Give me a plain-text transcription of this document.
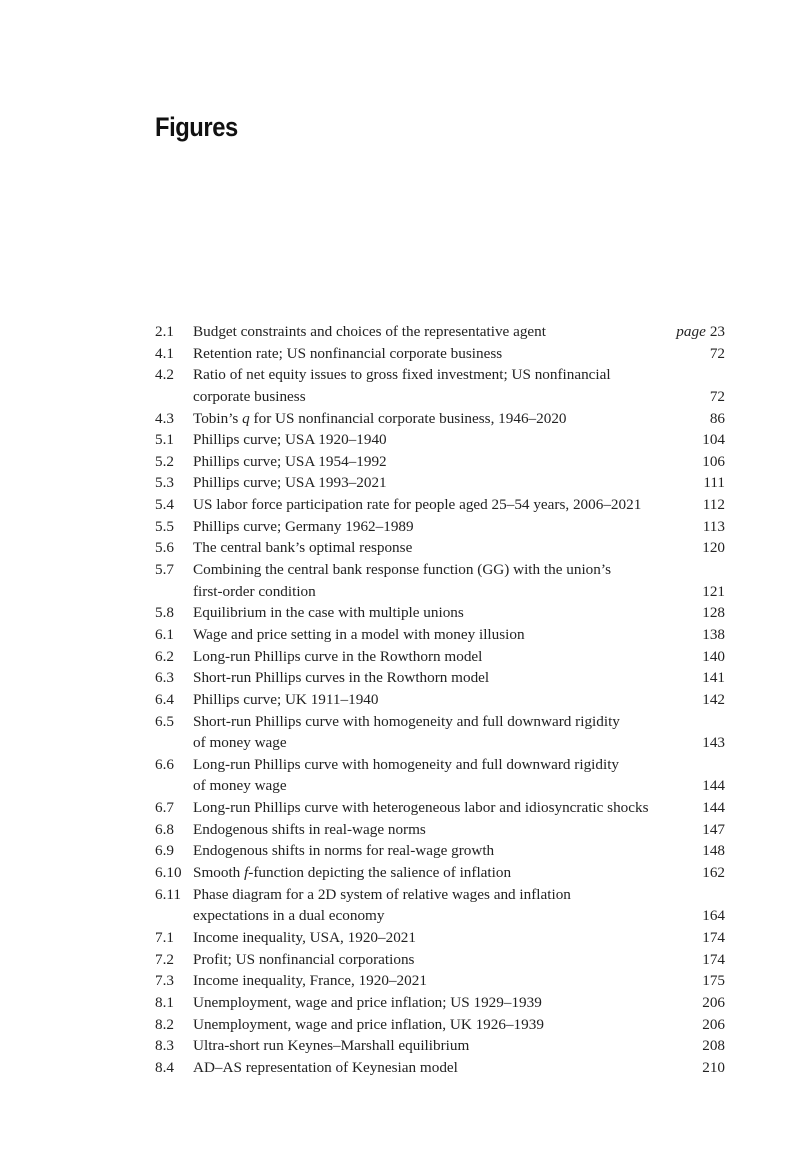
Figures
2.1 Budget constraints and choices of the representative agent	page 23
4.1 Retention rate; US nonfinancial corporate business	72
4.2 Ratio of net equity issues to gross fixed investment; US nonfinancial
corporate business	72
4.3 Tobin’s q for US nonfinancial corporate business, 1946–2020	86
5.1 Phillips curve; USA 1920–1940	104
5.2 Phillips curve; USA 1954–1992	106
5.3 Phillips curve; USA 1993–2021	111
5.4 US labor force participation rate for people aged 25–54 years, 2006–2021	112
5.5 Phillips curve; Germany 1962–1989	113
5.6 The central bank’s optimal response	120
5.7 Combining the central bank response function (GG) with the union’s
first-order condition	121
5.8 Equilibrium in the case with multiple unions	128
6.1 Wage and price setting in a model with money illusion	138
6.2 Long-run Phillips curve in the Rowthorn model	140
6.3 Short-run Phillips curves in the Rowthorn model	141
6.4 Phillips curve; UK 1911–1940	142
6.5 Short-run Phillips curve with homogeneity and full downward rigidity
of money wage	143
6.6 Long-run Phillips curve with homogeneity and full downward rigidity
of money wage	144
6.7 Long-run Phillips curve with heterogeneous labor and idiosyncratic shocks	144
6.8 Endogenous shifts in real-wage norms	147
6.9 Endogenous shifts in norms for real-wage growth	148
6.10 Smooth f-function depicting the salience of inflation	162
6.11 Phase diagram for a 2D system of relative wages and inflation
expectations in a dual economy	164
7.1 Income inequality, USA, 1920–2021	174
7.2 Profit; US nonfinancial corporations	174
7.3 Income inequality, France, 1920–2021	175
8.1 Unemployment, wage and price inflation; US 1929–1939	206
8.2 Unemployment, wage and price inflation, UK 1926–1939	206
8.3 Ultra-short run Keynes–Marshall equilibrium	208
8.4 AD–AS representation of Keynesian model	210
